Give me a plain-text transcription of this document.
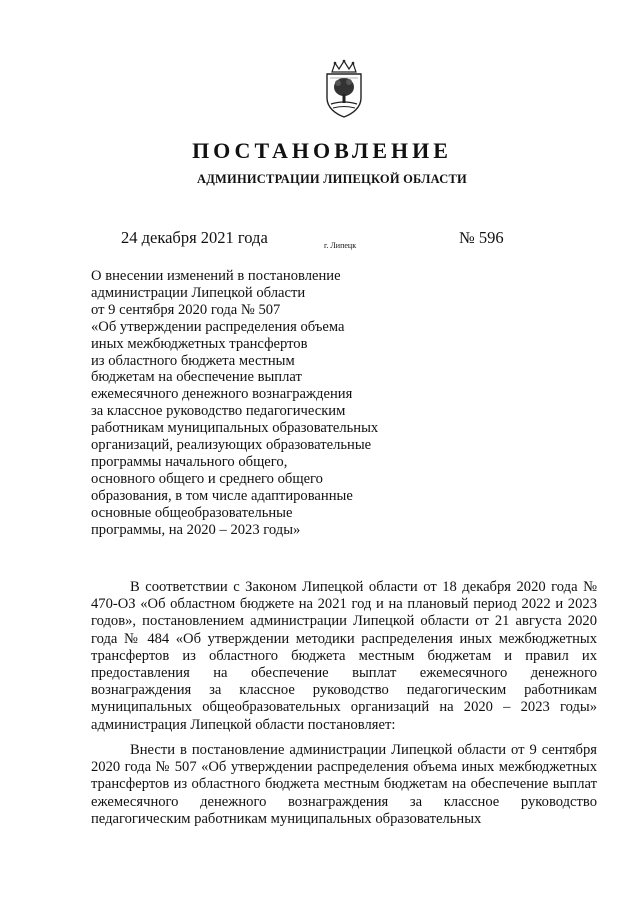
ПОСТАНОВЛЕНИЕ
АДМИНИСТРАЦИИ ЛИПЕЦКОЙ ОБЛАСТИ
24 декабря 2021 года	г. Липецк	№ 596
О внесении изменений в постановление
администрации Липецкой области
от 9 сентября 2020 года № 507
«Об утверждении распределения объема
иных межбюджетных трансфертов
из областного бюджета местным
бюджетам на обеспечение выплат
ежемесячного денежного вознаграждения
за классное руководство педагогическим
работникам муниципальных образовательных
организаций, реализующих образовательные
программы начального общего,
основного общего и среднего общего
образования, в том числе адаптированные
основные общеобразовательные
программы, на 2020 – 2023 годы»
В соответствии с Законом Липецкой области от 18 декабря 2020 года № 470-ОЗ «Об областном бюджете на 2021 год и на плановый период 2022 и 2023 годов», постановлением администрации Липецкой области от 21 августа 2020 года № 484 «Об утверждении методики распределения иных межбюджетных трансфертов из областного бюджета местным бюджетам и правил их предоставления на обеспечение выплат ежемесячного денежного вознаграждения за классное руководство педагогическим работникам муниципальных общеобразовательных организаций на 2020 – 2023 годы» администрация Липецкой области постановляет:
Внести в постановление администрации Липецкой области от 9 сентября 2020 года № 507 «Об утверждении распределения объема иных межбюджетных трансфертов из областного бюджета местным бюджетам на обеспечение выплат ежемесячного денежного вознаграждения за классное руководство педагогическим работникам муниципальных образовательных
